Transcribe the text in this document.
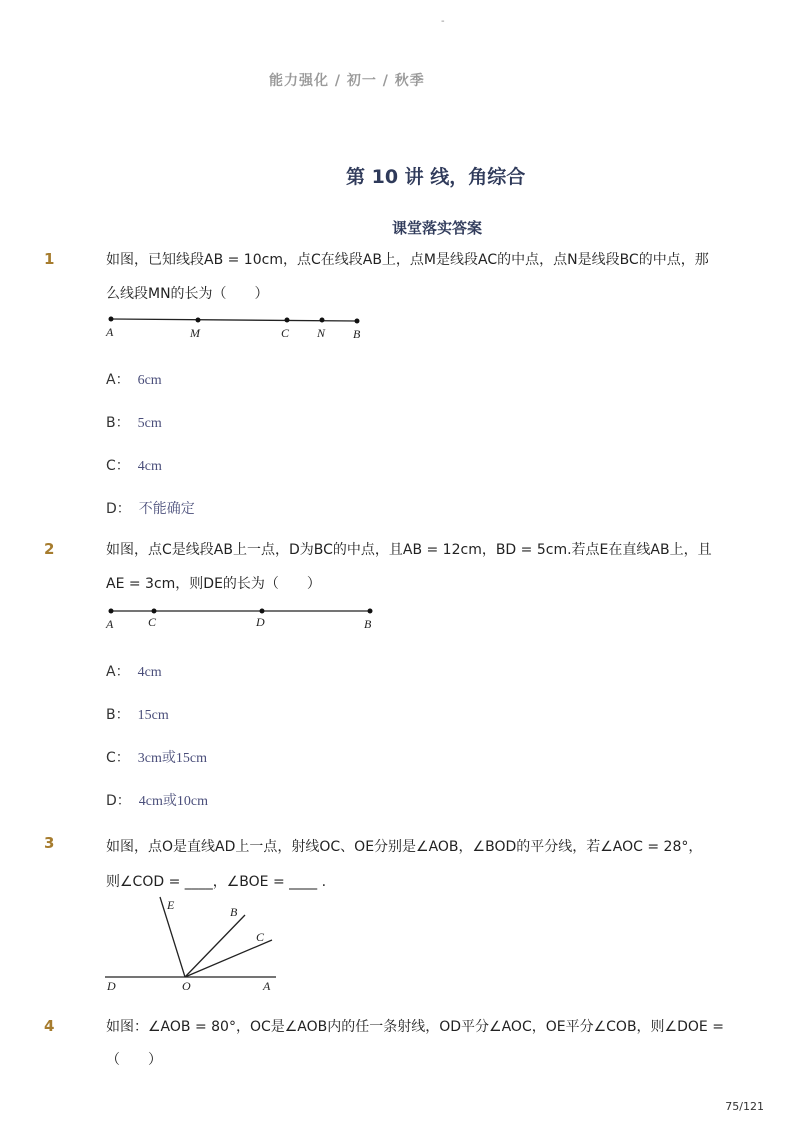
-
能力强化 / 初一 / 秋季
第 10 讲 线，角综合
课堂落实答案
1	如图，已知线段AB = 10cm，点C在线段AB上，点M是线段AC的中点，点N是线段BC的中点，那
么线段MN的长为（　　）
A	M	C N B
A： 6cm
B： 5cm
C： 4cm
D： 不能确定
2	如图，点C是线段AB上一点，D为BC的中点，且AB = 12cm，BD = 5cm.若点E在直线AB上，且
AE = 3cm，则DE的长为（　　）
A	C	D	B
A： 4cm
B： 15cm
C： 3cm或15cm
D： 4cm或10cm
3	如图，点O是直线AD上一点，射线OC、OE分别是∠AOB，∠BOD的平分线，若∠AOC = 28°，
则∠COD = ____，∠BOE = ____ .
E	B
C
D	O	A
4	如图：∠AOB = 80°，OC是∠AOB内的任一条射线，OD平分∠AOC，OE平分∠COB，则∠DOE =
（　　）
75/121
